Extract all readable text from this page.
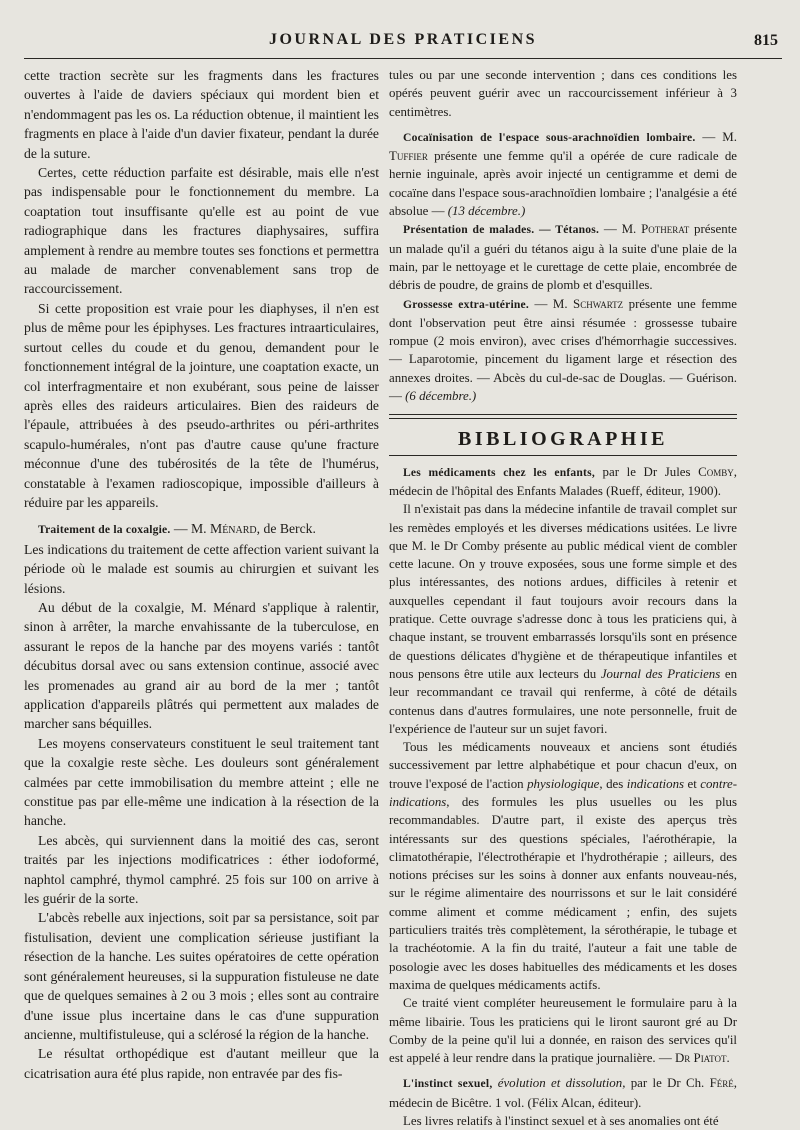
JOURNAL DES PRATICIENS	815

cette traction secrète sur les fragments dans les fractures ouvertes à l'aide de daviers spéciaux qui mordent bien et n'endommagent pas les os. La réduction obtenue, il maintient les fragments en place à l'aide d'un davier fixateur, pendant la durée de la suture.

Certes, cette réduction parfaite est désirable, mais elle n'est pas indispensable pour le fonctionnement du membre. La coaptation tout insuffisante qu'elle est au point de vue radiographique dans les fractures diaphysaires, suffira amplement à rendre au membre toutes ses fonctions et permettra au malade de marcher convenablement sans trop de raccourcissement.

Si cette proposition est vraie pour les diaphyses, il n'en est plus de même pour les épiphyses. Les fractures intraarticulaires, surtout celles du coude et du genou, demandent pour le fonctionnement intégral de la jointure, une coaptation exacte, un col interfragmentaire et non exubérant, sous peine de laisser après elles des raideurs articulaires. Bien des raideurs de l'épaule, attribuées à des pseudo-arthrites ou péri-arthrites scapulo-humérales, n'ont pas d'autre cause qu'une fracture méconnue d'une des tubérosités de la tête de l'humérus, constatable à l'examen radioscopique, impossible d'ailleurs à réduire par les appareils.

Traitement de la coxalgie. — M. Ménard, de Berck.

Les indications du traitement de cette affection varient suivant la période où le malade est soumis au chirurgien et suivant les lésions.

Au début de la coxalgie, M. Ménard s'applique à ralentir, sinon à arrêter, la marche envahissante de la tuberculose, en assurant le repos de la hanche par des moyens variés : tantôt décubitus dorsal avec ou sans extension continue, associé avec les promenades au grand air au bord de la mer ; tantôt application d'appareils plâtrés qui permettent aux malades de marcher sans béquilles.

Les moyens conservateurs constituent le seul traitement tant que la coxalgie reste sèche. Les douleurs sont généralement calmées par cette immobilisation du membre atteint ; elle ne constitue pas par elle-même une indication à la résection de la hanche.

Les abcès, qui surviennent dans la moitié des cas, seront traités par les injections modificatrices : éther iodoformé, naphtol camphré, thymol camphré. 25 fois sur 100 on arrive à les guérir de la sorte.

L'abcès rebelle aux injections, soit par sa persistance, soit par fistulisation, devient une complication sérieuse justifiant la résection de la hanche. Les suites opératoires de cette opération sont généralement heureuses, si la suppuration fistuleuse ne date que de quelques semaines à 2 ou 3 mois ; elles sont au contraire d'une issue plus incertaine dans le cas d'une suppuration ancienne, multifistuleuse, qui a sclérosé la région de la hanche.

Le résultat orthopédique est d'autant meilleur que la cicatrisation aura été plus rapide, non entravée par des fis-

tules ou par une seconde intervention ; dans ces conditions les opérés peuvent guérir avec un raccourcissement inférieur à 3 centimètres.

Cocaïnisation de l'espace sous-arachnoïdien lombaire. — M. Tuffier présente une femme qu'il a opérée de cure radicale de hernie inguinale, après avoir injecté un centigramme et demi de cocaïne dans l'espace sous-arachnoïdien lombaire ; l'analgésie a été absolue — (13 décembre.)

Présentation de malades. — Tétanos. — M. Potherat présente un malade qu'il a guéri du tétanos aigu à la suite d'une plaie de la main, par le nettoyage et le curettage de cette plaie, encombrée de débris de poudre, de grains de plomb et d'esquilles.

Grossesse extra-utérine. — M. Schwartz présente une femme dont l'observation peut être ainsi résumée : grossesse tubaire rompue (2 mois environ), avec crises d'hémorrhagie successives. — Laparotomie, pincement du ligament large et résection des annexes droites. — Abcès du cul-de-sac de Douglas. — Guérison. — (6 décembre.)

BIBLIOGRAPHIE

Les médicaments chez les enfants, par le Dr Jules Comby, médecin de l'hôpital des Enfants Malades (Rueff, éditeur, 1900).

Il n'existait pas dans la médecine infantile de travail complet sur les remèdes employés et les diverses médications usitées. Le livre que M. le Dr Comby présente au public médical vient de combler cette lacune. On y trouve exposées, sous une forme simple et des plus intéressantes, des notions ardues, difficiles à retenir et auxquelles cependant il faut toujours avoir recours dans la pratique. Cette ouvrage s'adresse donc à tous les praticiens qui, à chaque instant, se trouvent embarrassés lorsqu'ils sont en présence de questions délicates d'hygiène et de thérapeutique infantiles et nous pensons être utile aux lecteurs du Journal des Praticiens en leur recommandant ce travail qui renferme, à côté de détails contenus dans d'autres formulaires, une note personnelle, fruit de l'expérience de l'auteur sur un sujet favori.

Tous les médicaments nouveaux et anciens sont étudiés successivement par lettre alphabétique et pour chacun d'eux, on trouve l'exposé de l'action physiologique, des indications et contre-indications, des formules les plus usuelles ou les plus recommandables. D'autre part, il existe des aperçus très intéressants sur des questions spéciales, l'aérothérapie, la climatothérapie, l'électrothérapie et l'hydrothérapie ; ailleurs, des notions précises sur les soins à donner aux enfants nouveau-nés, sur le régime alimentaire des nourrissons et sur le lait considéré comme aliment et comme médicament ; enfin, des sujets particuliers traités très complètement, la sérothérapie, le tubage et la trachéotomie. A la fin du traité, l'auteur a fait une table de posologie avec les doses habituelles des médicaments et les doses maxima de quelques médicaments actifs.

Ce traité vient compléter heureusement le formulaire paru à la même libairie. Tous les praticiens qui le liront sauront gré au Dr Comby de la peine qu'il lui a donnée, en raison des services qu'il est appelé à leur rendre dans la pratique journalière. — Dr Piatot.

L'instinct sexuel, évolution et dissolution, par le Dr Ch. Féré, médecin de Bicêtre. 1 vol. (Félix Alcan, éditeur).

Les livres relatifs à l'instinct sexuel et à ses anomalies ont été
